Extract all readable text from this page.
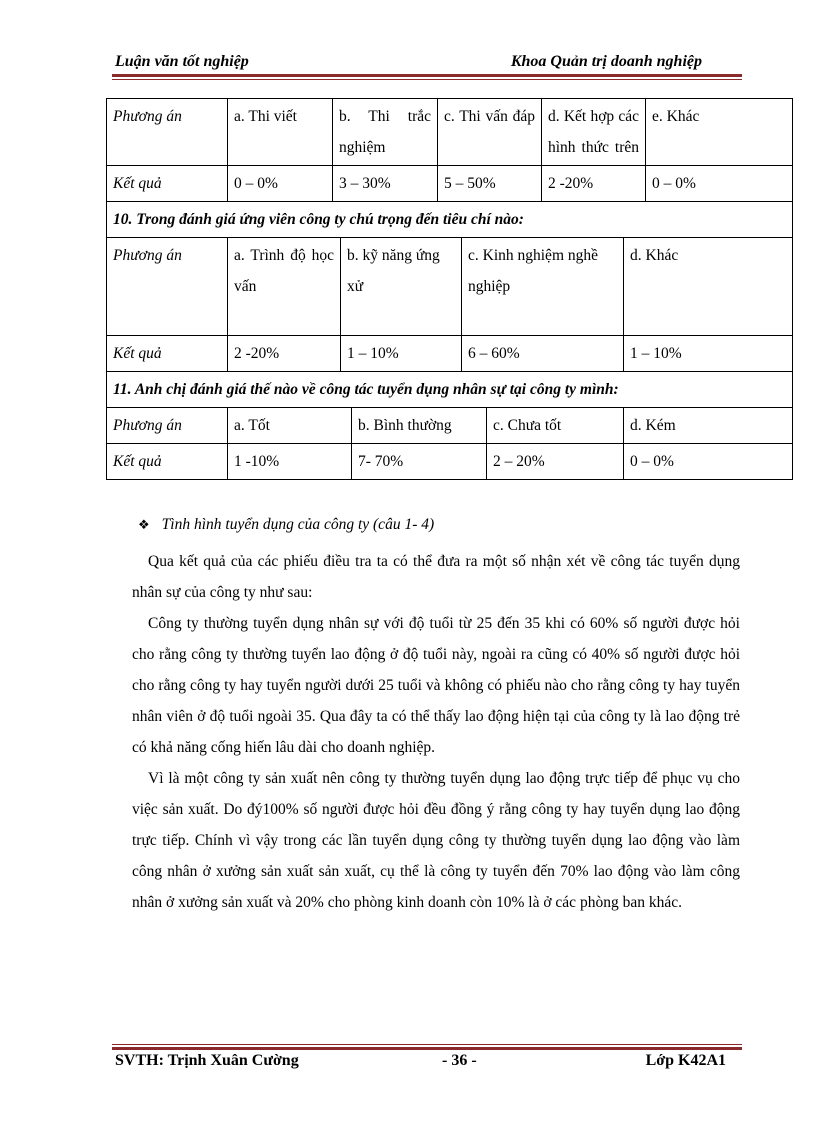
Luận văn tốt nghiệp	Khoa Quản trị doanh nghiệp
Phương án	a. Thi viết	b. Thi trắc nghiệm	c. Thi vấn đáp	d. Kết hợp các hình thức trên	e. Khác
Kết quả	0 – 0%	3 – 30%	5 – 50%	2 -20%	0 – 0%
10. Trong đánh giá ứng viên công ty chú trọng đến tiêu chí nào:				
Phương án	a. Trình độ học vấn	b. kỹ năng ứng xử	c. Kinh nghiệm nghề nghiệp	d. Khác
Kết quả	2 -20%	1 – 10%	6 – 60%	1 – 10%
11. Anh chị đánh giá thế nào về công tác tuyển dụng nhân sự tại công ty mình:				
Phương án	a. Tốt	b. Bình thường	c. Chưa tốt	d. Kém
Kết quả	1 -10%	7- 70%	2 – 20%	0 – 0%
❖ Tình hình tuyển dụng của công ty (câu 1- 4)

Qua kết quả của các phiếu điều tra ta có thể đưa ra một số nhận xét về công tác tuyển dụng nhân sự của công ty như sau:

Công ty thường tuyển dụng nhân sự với độ tuổi từ 25 đến 35 khi có 60% số người được hỏi cho rằng công ty thường tuyển lao động ở độ tuổi này, ngoài ra cũng có 40% số người được hỏi cho rằng công ty hay tuyển người dưới 25 tuổi và không có phiếu nào cho rằng công ty hay tuyển nhân viên ở độ tuổi ngoài 35. Qua đây ta có thể thấy lao động hiện tại của công ty là lao động trẻ có khả năng cống hiến lâu dài cho doanh nghiệp.

Vì là một công ty sản xuất nên công ty thường tuyển dụng lao động trực tiếp để phục vụ cho việc sản xuất. Do đý100% số người được hỏi đều đồng ý rằng công ty hay tuyển dụng lao động trực tiếp. Chính vì vậy trong các lần tuyển dụng công ty thường tuyển dụng lao động vào làm công nhân ở xưởng sản xuất sản xuất, cụ thể là công ty tuyển đến 70% lao động vào làm công nhân ở xưởng sản xuất và 20% cho phòng kinh doanh còn 10% là ở các phòng ban khác.

SVTH: Trịnh Xuân Cường	- 36 -	Lớp K42A1
